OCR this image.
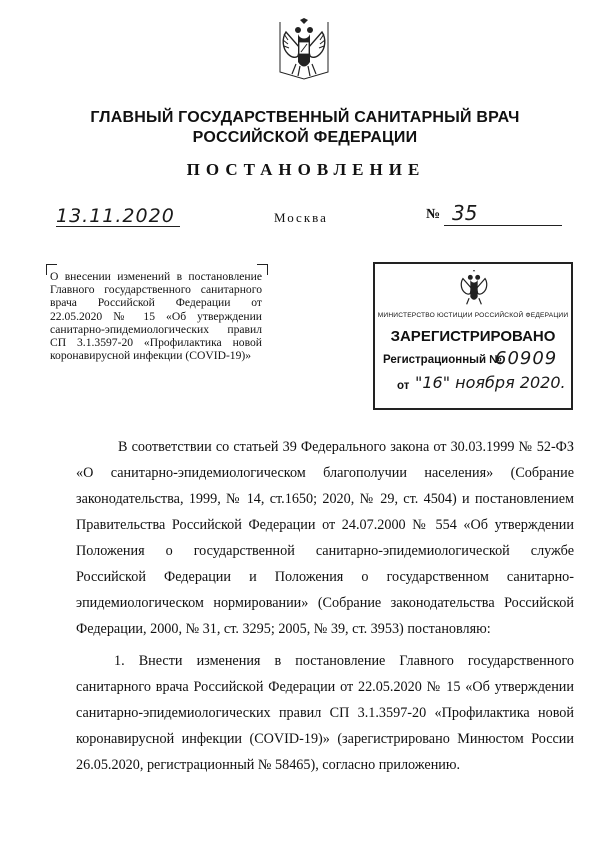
ГЛАВНЫЙ ГОСУДАРСТВЕННЫЙ САНИТАРНЫЙ ВРАЧ
РОССИЙСКОЙ ФЕДЕРАЦИИ
ПОСТАНОВЛЕНИЕ
13.11.2020	Москва	№ 35
О внесении изменений в постановление Главного государственного санитарного врача Российской Федерации от 22.05.2020 № 15 «Об утверждении санитарно-эпидемиологических правил СП 3.1.3597-20 «Профилактика новой коронавирусной инфекции (COVID-19)»
МИНИСТЕРСТВО ЮСТИЦИИ РОССИЙСКОЙ ФЕДЕРАЦИИ
ЗАРЕГИСТРИРОВАНО
Регистрационный №
60909
от "16" ноября 2020.

В соответствии со статьей 39 Федерального закона от 30.03.1999 № 52-ФЗ «О санитарно-эпидемиологическом благополучии населения» (Собрание законодательства, 1999, № 14, ст.1650; 2020, № 29, ст. 4504) и постановлением Правительства Российской Федерации от 24.07.2000 № 554 «Об утверждении Положения о государственной санитарно-эпидемиологической службе Российской Федерации и Положения о государственном санитарно-эпидемиологическом нормировании» (Собрание законодательства Российской Федерации, 2000, № 31, ст. 3295; 2005, № 39, ст. 3953) постановляю:

1. Внести изменения в постановление Главного государственного санитарного врача Российской Федерации от 22.05.2020 № 15 «Об утверждении санитарно-эпидемиологических правил СП 3.1.3597-20 «Профилактика новой коронавирусной инфекции (COVID-19)» (зарегистрировано Минюстом России 26.05.2020, регистрационный № 58465), согласно приложению.
